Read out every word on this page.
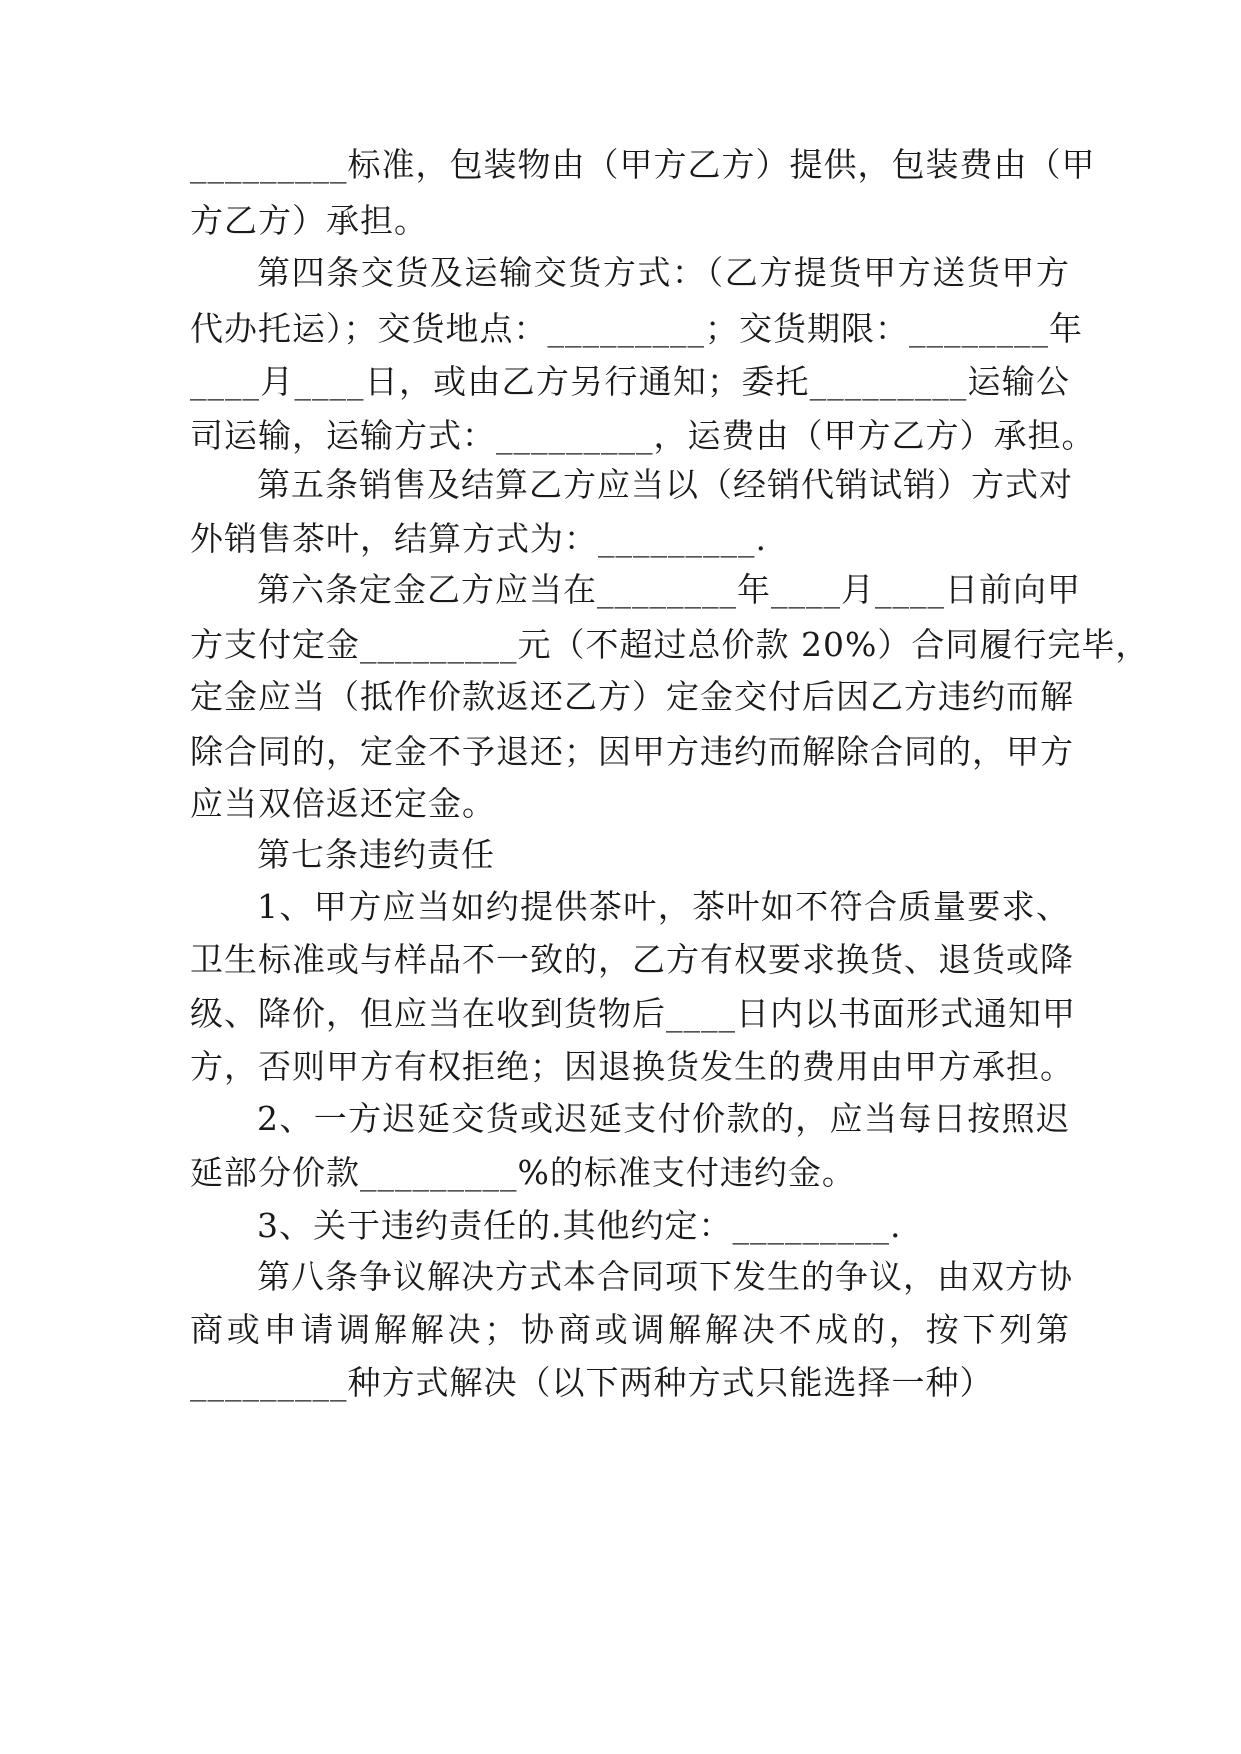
_________标准，包装物由（甲方乙方）提供，包装费由（甲
方乙方）承担。
第四条交货及运输交货方式：（乙方提货甲方送货甲方
代办托运）；交货地点：_________；交货期限：________年
____月____日，或由乙方另行通知；委托_________运输公
司运输，运输方式：_________，运费由（甲方乙方）承担。
第五条销售及结算乙方应当以（经销代销试销）方式对
外销售茶叶，结算方式为：_________.
第六条定金乙方应当在________年____月____日前向甲
方支付定金_________元（不超过总价款 20%）合同履行完毕，
定金应当（抵作价款返还乙方）定金交付后因乙方违约而解
除合同的，定金不予退还；因甲方违约而解除合同的，甲方
应当双倍返还定金。
第七条违约责任
1、甲方应当如约提供茶叶，茶叶如不符合质量要求、
卫生标准或与样品不一致的，乙方有权要求换货、退货或降
级、降价，但应当在收到货物后____日内以书面形式通知甲
方，否则甲方有权拒绝；因退换货发生的费用由甲方承担。
2、一方迟延交货或迟延支付价款的，应当每日按照迟
延部分价款_________%的标准支付违约金。
3、关于违约责任的.其他约定：_________.
第八条争议解决方式本合同项下发生的争议，由双方协
商或申请调解解决；协商或调解解决不成的，按下列第
_________种方式解决（以下两种方式只能选择一种）
